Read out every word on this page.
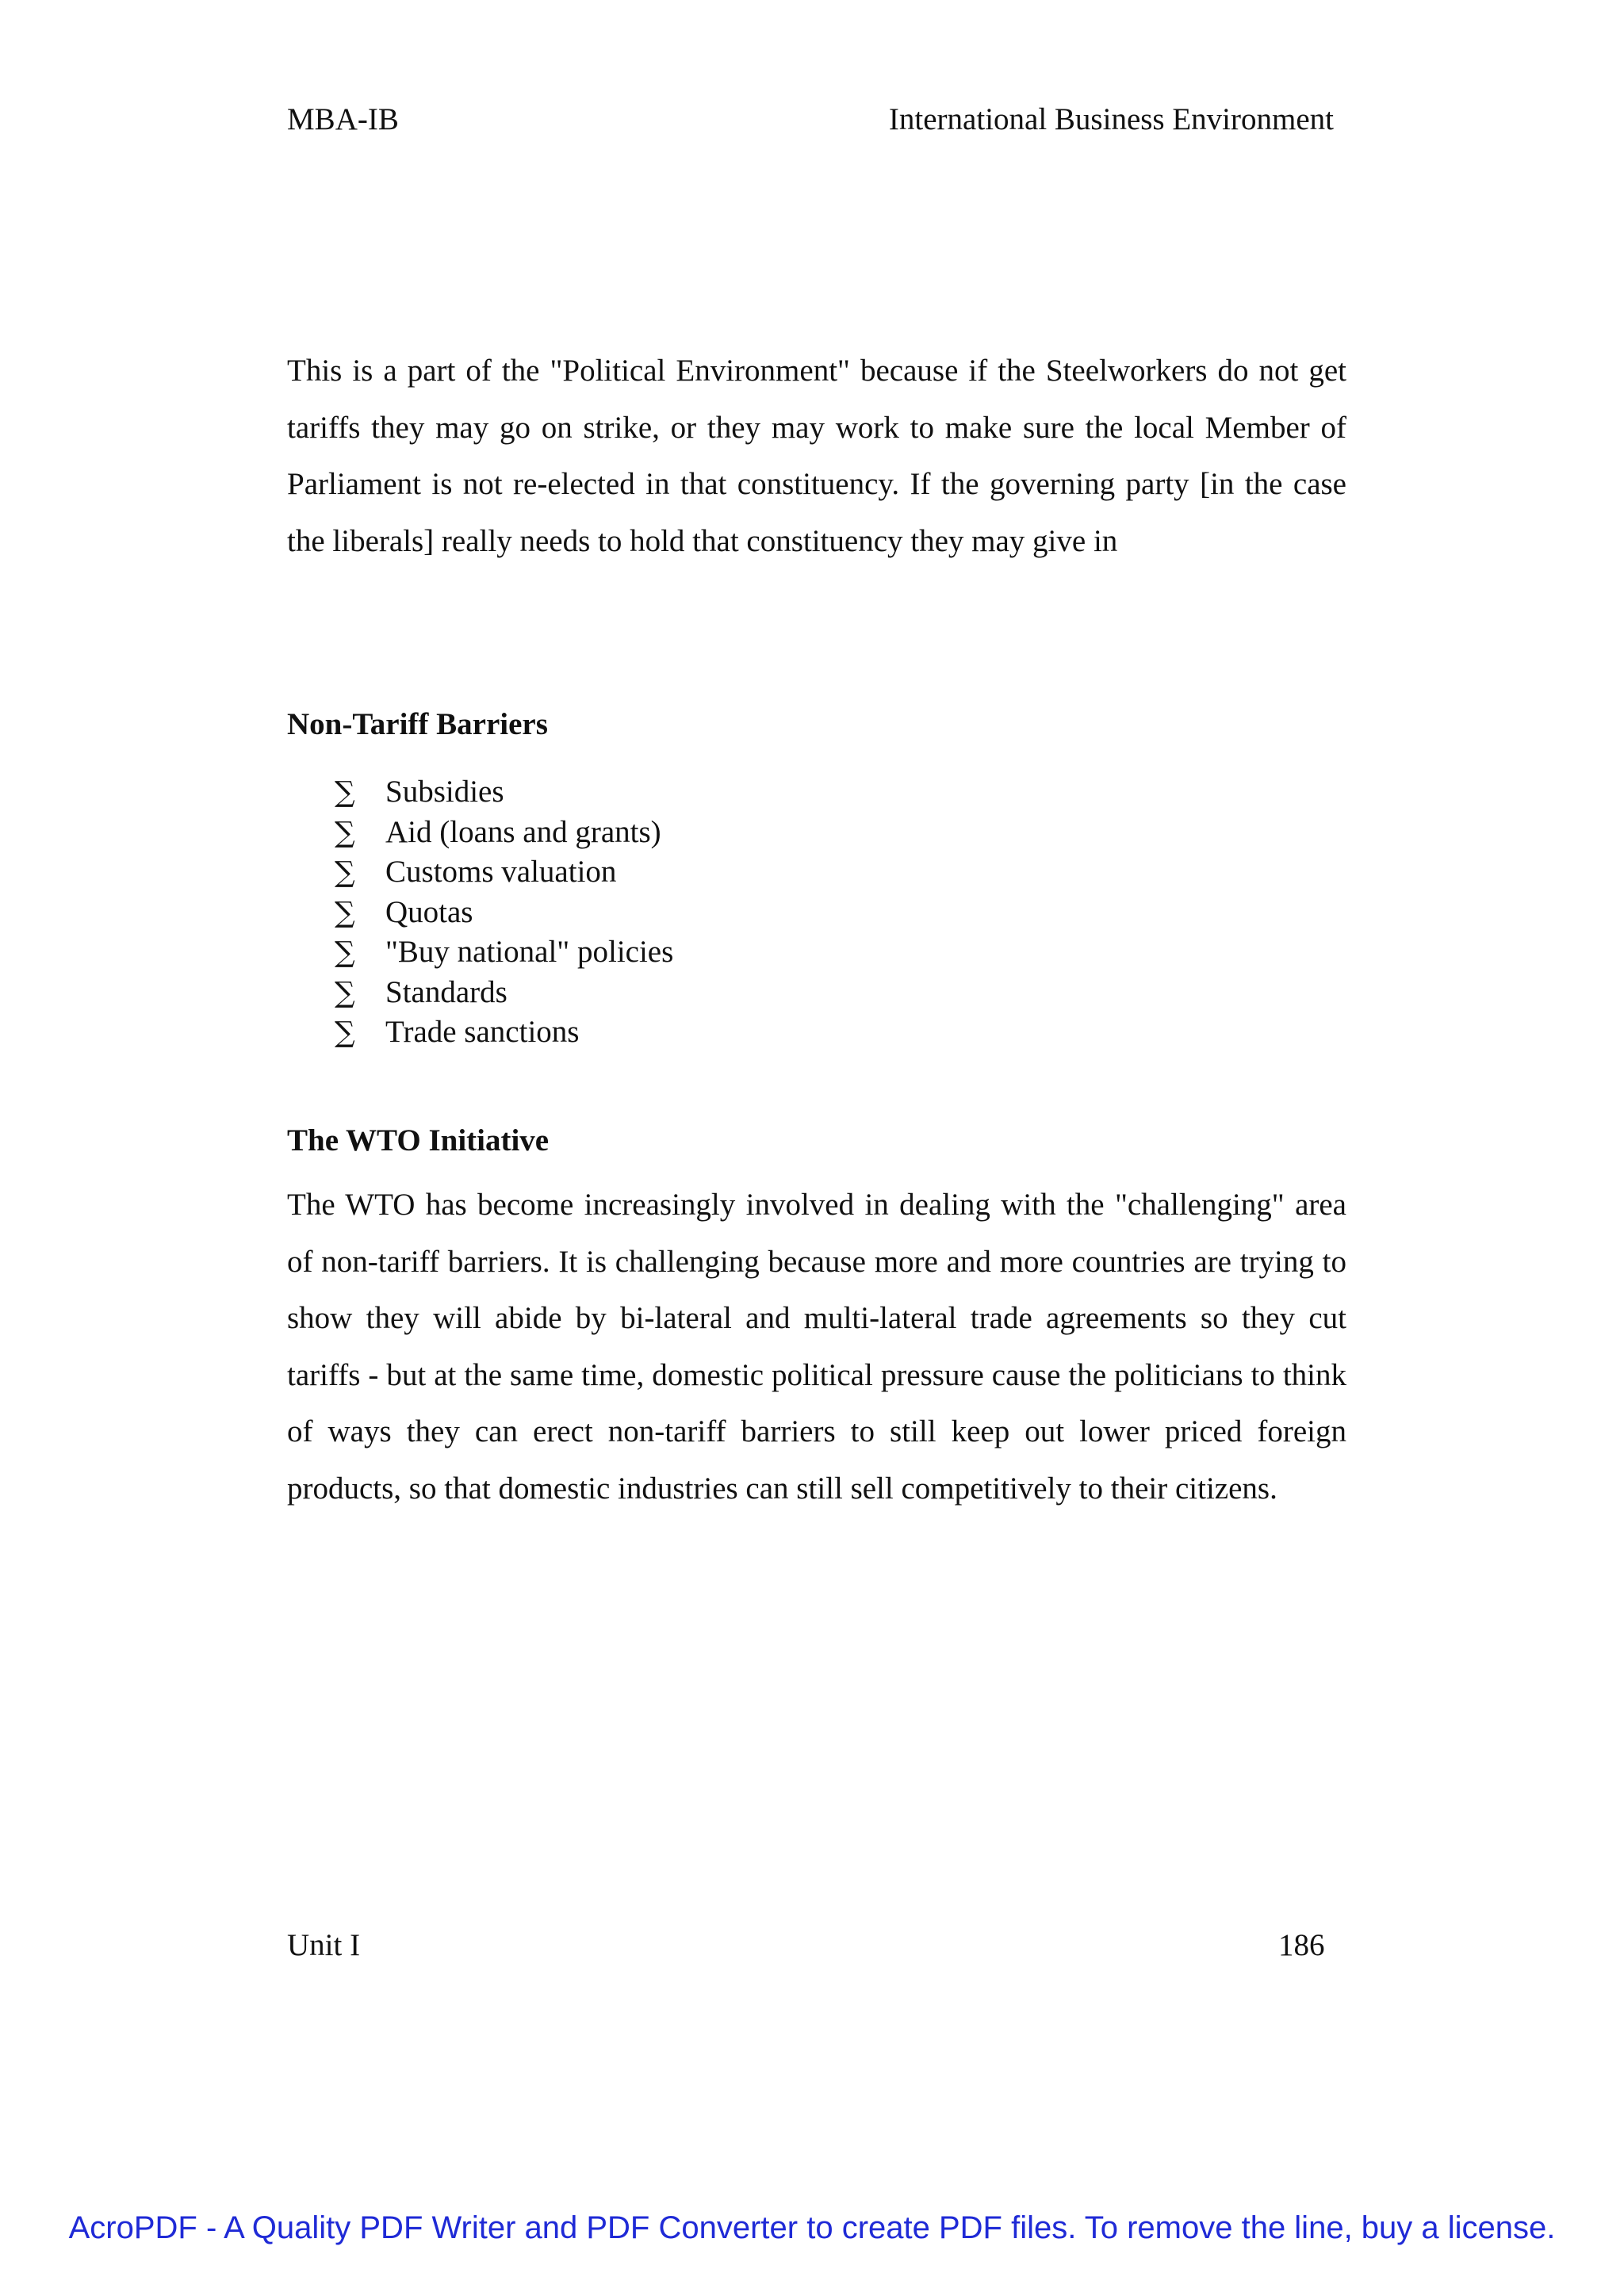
MBA-IB	International Business Environment

This is a part of the "Political Environment" because if the Steelworkers do not get tariffs they may go on strike, or they may work to make sure the local Member of Parliament is not re-elected in that constituency. If the governing party [in the case the liberals] really needs to hold that constituency they may give in

Non-Tariff Barriers
∑ Subsidies
∑ Aid (loans and grants)
∑ Customs valuation
∑ Quotas
∑ "Buy national" policies
∑ Standards
∑ Trade sanctions
The WTO Initiative

The WTO has become increasingly involved in dealing with the "challenging" area of non-tariff barriers. It is challenging because more and more countries are trying to show they will abide by bi-lateral and multi-lateral trade agreements so they cut tariffs - but at the same time, domestic political pressure cause the politicians to think of ways they can erect non-tariff barriers to still keep out lower priced foreign products, so that domestic industries can still sell competitively to their citizens.

Unit I	186
AcroPDF - A Quality PDF Writer and PDF Converter to create PDF files. To remove the line, buy a license.
